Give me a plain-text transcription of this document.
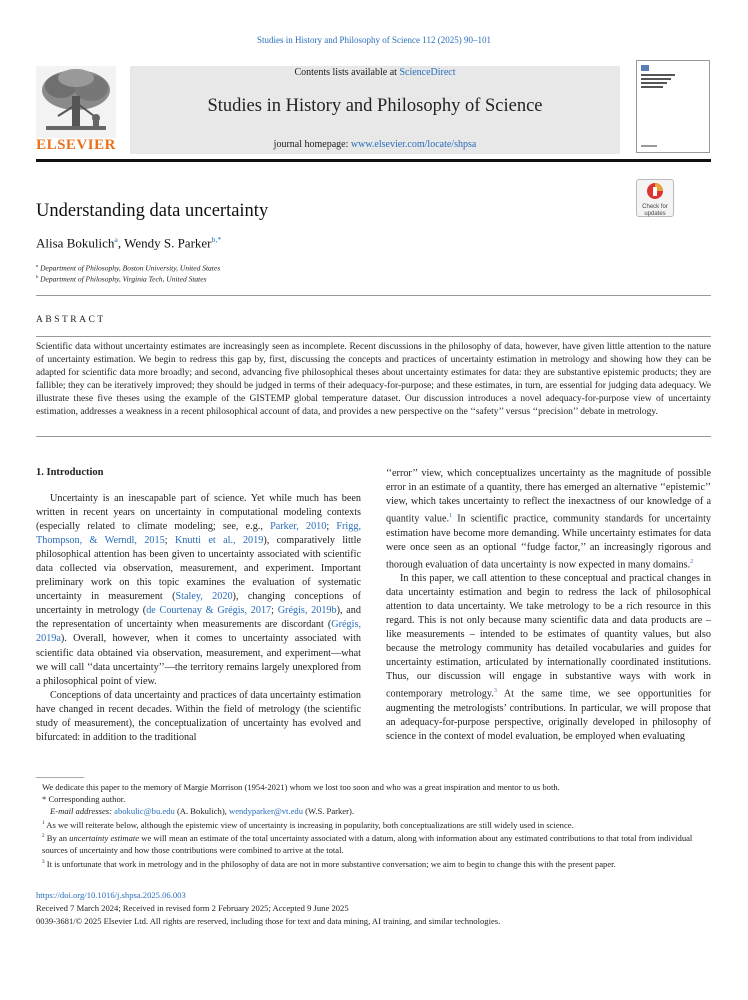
Studies in History and Philosophy of Science 112 (2025) 90–101
ELSEVIER
Contents lists available at ScienceDirect
Studies in History and Philosophy of Science
journal homepage: www.elsevier.com/locate/shpsa
Check for updates
Understanding data uncertainty
Alisa Bokulich$^a$, Wendy S. Parker$^{b,*}$
$^a$ Department of Philosophy, Boston University, United States
$^b$ Department of Philosophy, Virginia Tech, United States
ABSTRACT
Scientific data without uncertainty estimates are increasingly seen as incomplete. Recent discussions in the philosophy of data, however, have given little attention to the nature of uncertainty estimation. We begin to redress this gap by, first, discussing the concepts and practices of uncertainty estimation in metrology and showing how they can be adapted for scientific data more broadly; and second, advancing five philosophical theses about uncertainty estimates for data: they are substantive epistemic products; they are fallible; they can be iteratively improved; they should be judged in terms of their adequacy-for-purpose; and these estimates, in turn, are essential for judging data adequacy. We illustrate these five theses using the example of the GISTEMP global temperature dataset. Our discussion introduces a novel adequacy-for-purpose view of uncertainty estimation, addresses a weakness in a recent philosophical account of data, and provides a new perspective on the ‘‘safety’’ versus ‘‘precision’’ debate in metrology.
1. Introduction

Uncertainty is an inescapable part of science. Yet while much has been written in recent years on uncertainty in computational modeling contexts (especially related to climate modeling; see, e.g., Parker, 2010; Frigg, Thompson, & Werndl, 2015; Knutti et al., 2019), comparatively little philosophical attention has been given to uncertainty associated with scientific data collected via observation, measurement, and experiment. Important preliminary work on this topic examines the evaluation of systematic uncertainty in measurement (Staley, 2020), changing conceptions of uncertainty in metrology (de Courtenay & Grégis, 2017; Grégis, 2019b), and the representation of uncertainty when measurements are discordant (Grégis, 2019a). Overall, however, when it comes to uncertainty associated with scientific data obtained via observation, measurement, and experiment—what we will call ‘‘data uncertainty’’—the territory remains largely unexplored from a philosophical point of view.

Conceptions of data uncertainty and practices of data uncertainty estimation have changed in recent decades. Within the field of metrology (the scientific study of measurement), the conceptualization of uncertainty has evolved and bifurcated: in addition to the traditional

‘‘error’’ view, which conceptualizes uncertainty as the magnitude of possible error in an estimate of a quantity, there has emerged an alternative ‘‘epistemic’’ view, which takes uncertainty to reflect the inexactness of our knowledge of a quantity value.$^1$ In scientific practice, community standards for uncertainty estimation have become more demanding. While uncertainty estimates for data were once seen as an optional ‘‘fudge factor,’’ an increasingly rigorous and thorough evaluation of data uncertainty is now expected in many domains.$^2$

In this paper, we call attention to these conceptual and practical changes in data uncertainty estimation and begin to redress the lack of philosophical attention to data uncertainty. We take metrology to be a rich resource in this regard. This is not only because many scientific data and data products are – like measurements – intended to be estimates of quantity values, but also because the metrology community has detailed vocabularies and guides for uncertainty estimation, articulated by internationally coordinated institutions. Thus, our discussion will engage in substantive ways with work in contemporary metrology.$^3$ At the same time, we see opportunities for augmenting the metrologists’ contributions. In particular, we will propose that an adequacy-for-purpose perspective, originally developed in philosophy of science in the context of model evaluation, be employed when evaluating

We dedicate this paper to the memory of Margie Morrison (1954-2021) whom we lost too soon and who was a great inspiration and mentor to us both.
* Corresponding author.
E-mail addresses: abokulic@bu.edu (A. Bokulich), wendyparker@vt.edu (W.S. Parker).
$^1$ As we will reiterate below, although the epistemic view of uncertainty is increasing in popularity, both conceptualizations are still widely used in science.
$^2$ By an uncertainty estimate we will mean an estimate of the total uncertainty associated with a datum, along with information about any estimated contributions to that total from individual sources of uncertainty and how those contributions were combined to arrive at the total.
$^3$ It is unfortunate that work in metrology and in the philosophy of data are not in more substantive conversation; we aim to begin to change this with the present paper.
https://doi.org/10.1016/j.shpsa.2025.06.003
Received 7 March 2024; Received in revised form 2 February 2025; Accepted 9 June 2025
0039-3681/© 2025 Elsevier Ltd. All rights are reserved, including those for text and data mining, AI training, and similar technologies.
